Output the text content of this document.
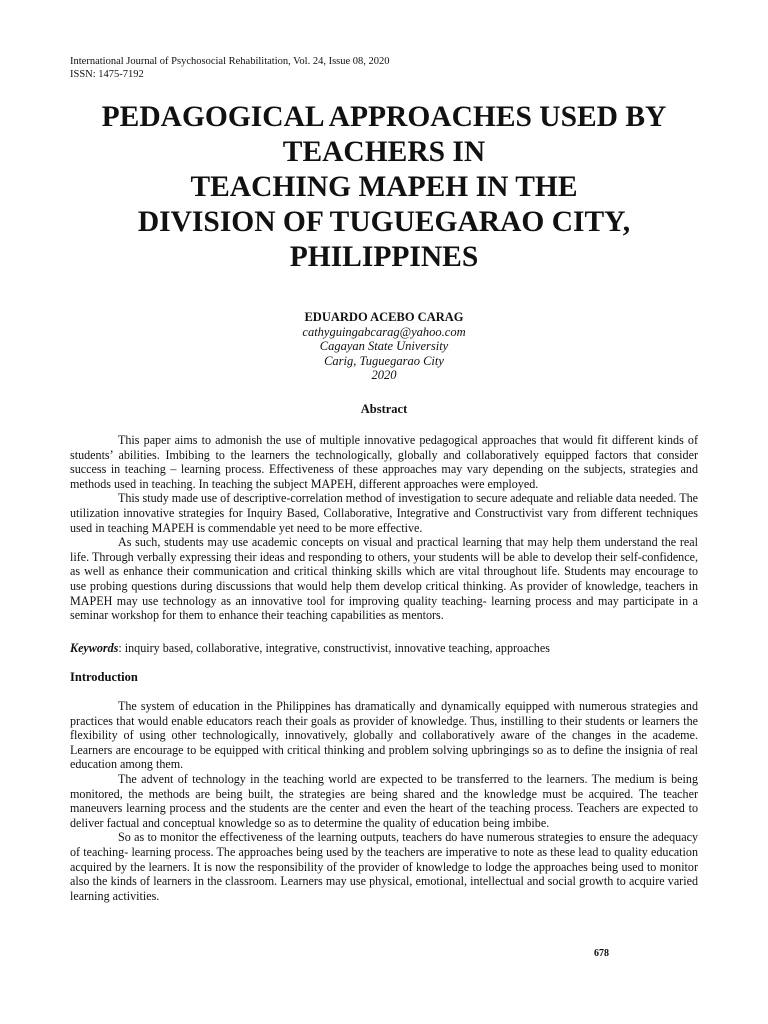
International Journal of Psychosocial Rehabilitation, Vol. 24, Issue 08, 2020
ISSN: 1475-7192
PEDAGOGICAL APPROACHES USED BY
TEACHERS IN
TEACHING MAPEH IN THE
DIVISION OF TUGUEGARAO CITY,
PHILIPPINES
EDUARDO ACEBO CARAG
cathyguingabcarag@yahoo.com
Cagayan State University
Carig, Tuguegarao City
2020
Abstract

This paper aims to admonish the use of multiple innovative pedagogical approaches that would fit different kinds of students’ abilities. Imbibing to the learners the technologically, globally and collaboratively equipped factors that consider success in teaching – learning process. Effectiveness of these approaches may vary depending on the subjects, strategies and methods used in teaching. In teaching the subject MAPEH, different approaches were employed.

This study made use of descriptive-correlation method of investigation to secure adequate and reliable data needed. The utilization innovative strategies for Inquiry Based, Collaborative, Integrative and Constructivist vary from different techniques used in teaching MAPEH is commendable yet need to be more effective.

As such, students may use academic concepts on visual and practical learning that may help them understand the real life. Through verbally expressing their ideas and responding to others, your students will be able to develop their self-confidence, as well as enhance their communication and critical thinking skills which are vital throughout life. Students may encourage to use probing questions during discussions that would help them develop critical thinking. As provider of knowledge, teachers in MAPEH may use technology as an innovative tool for improving quality teaching- learning process and may participate in a seminar workshop for them to enhance their teaching capabilities as mentors.

Keywords: inquiry based, collaborative, integrative, constructivist, innovative teaching, approaches
Introduction

The system of education in the Philippines has dramatically and dynamically equipped with numerous strategies and practices that would enable educators reach their goals as provider of knowledge. Thus, instilling to their students or learners the flexibility of using other technologically, innovatively, globally and collaboratively aware of the changes in the academe. Learners are encourage to be equipped with critical thinking and problem solving upbringings so as to define the insignia of real education among them.

The advent of technology in the teaching world are expected to be transferred to the learners. The medium is being monitored, the methods are being built, the strategies are being shared and the knowledge must be acquired. The teacher maneuvers learning process and the students are the center and even the heart of the teaching process. Teachers are expected to deliver factual and conceptual knowledge so as to determine the quality of education being imbibe.

So as to monitor the effectiveness of the learning outputs, teachers do have numerous strategies to ensure the adequacy of teaching- learning process. The approaches being used by the teachers are imperative to note as these lead to quality education acquired by the learners. It is now the responsibility of the provider of knowledge to lodge the approaches being used to monitor also the kinds of learners in the classroom. Learners may use physical, emotional, intellectual and social growth to acquire varied learning activities.

678
